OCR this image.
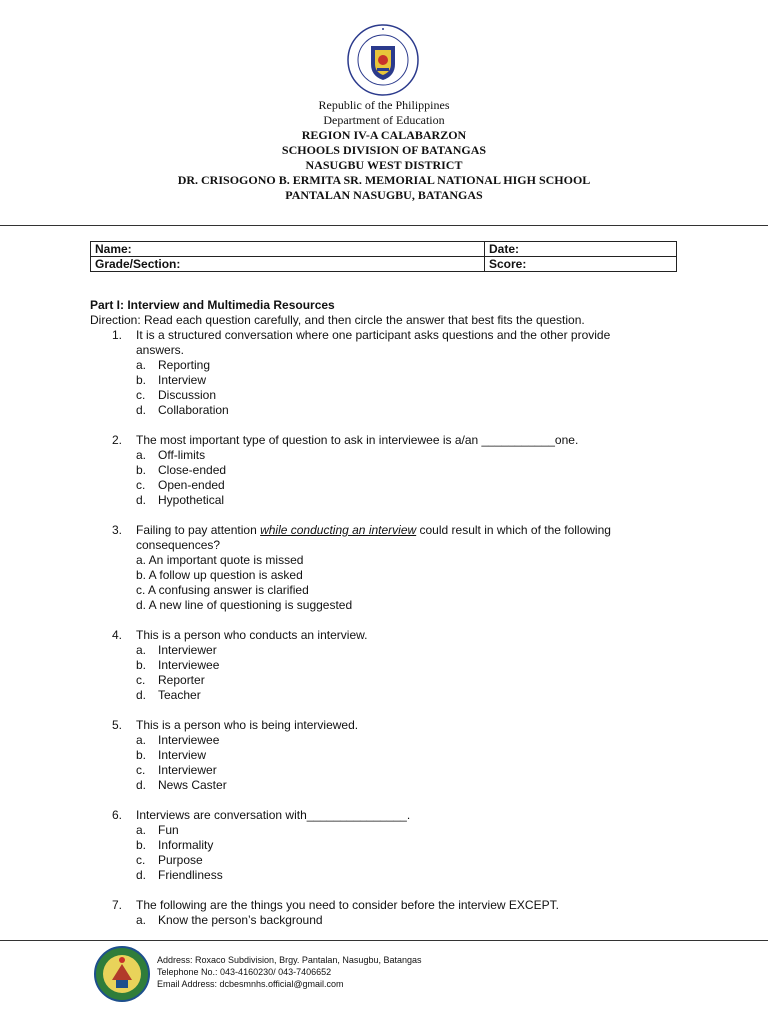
Republic of the Philippines
Department of Education
REGION IV-A CALABARZON
SCHOOLS DIVISION OF BATANGAS
NASUGBU WEST DISTRICT
DR. CRISOGONO B. ERMITA SR. MEMORIAL NATIONAL HIGH SCHOOL
PANTALAN NASUGBU, BATANGAS
Name:	Date:
Grade/Section:	Score:
Part I: Interview and Multimedia Resources
Direction: Read each question carefully, and then circle the answer that best fits the question.
1. It is a structured conversation where one participant asks questions and the other provide answers.
a. Reporting
b. Interview
c. Discussion
d. Collaboration
2. The most important type of question to ask in interviewee is a/an ___________one.
a. Off-limits
b. Close-ended
c. Open-ended
d. Hypothetical
3. Failing to pay attention while conducting an interview could result in which of the following consequences?
a. An important quote is missed
b. A follow up question is asked
c. A confusing answer is clarified
d. A new line of questioning is suggested
4. This is a person who conducts an interview.
a. Interviewer
b. Interviewee
c. Reporter
d. Teacher
5. This is a person who is being interviewed.
a. Interviewee
b. Interview
c. Interviewer
d. News Caster
6. Interviews are conversation with_______________.
a. Fun
b. Informality
c. Purpose
d. Friendliness
7. The following are the things you need to consider before the interview EXCEPT.
a. Know the person’s background
Address: Roxaco Subdivision, Brgy. Pantalan, Nasugbu, Batangas
Telephone No.: 043-4160230/ 043-7406652
Email Address: dcbesmnhs.official@gmail.com
